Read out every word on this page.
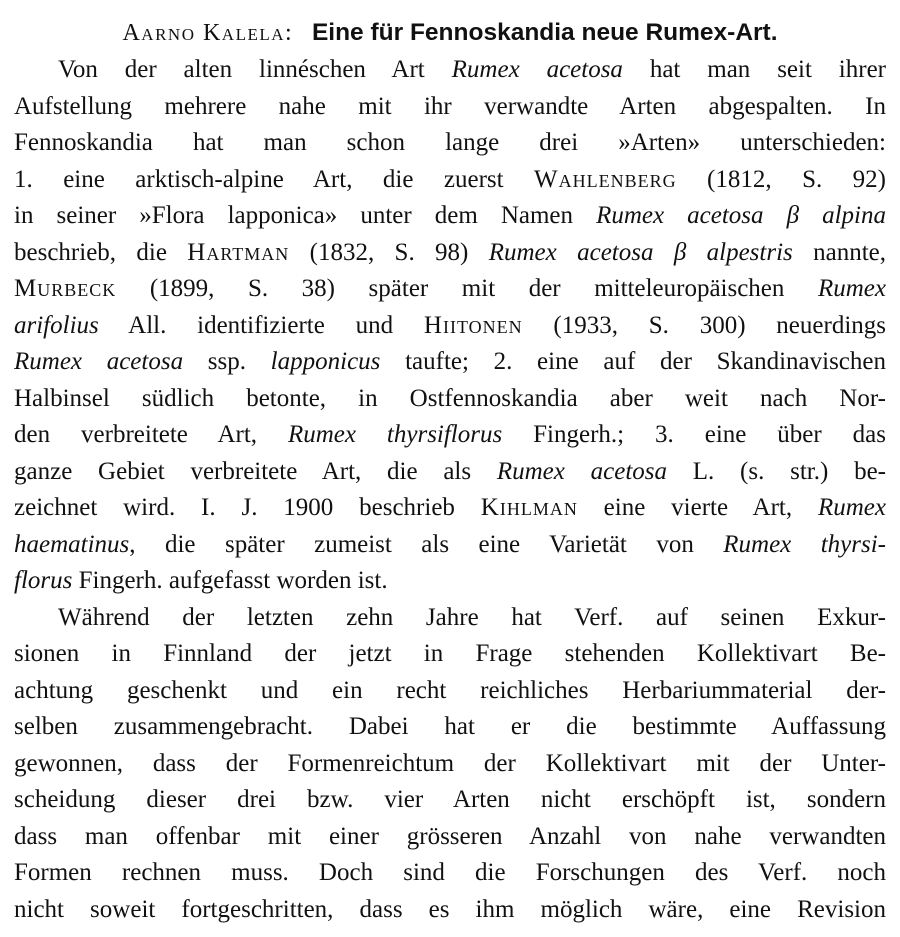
Aarno Kalela: Eine für Fennoskandia neue Rumex-Art.
Von der alten linnéschen Art Rumex acetosa hat man seit ihrer
Aufstellung mehrere nahe mit ihr verwandte Arten abgespalten. In
Fennoskandia hat man schon lange drei »Arten» unterschieden:
1. eine arktisch-alpine Art, die zuerst Wahlenberg (1812, S. 92)
in seiner »Flora lapponica» unter dem Namen Rumex acetosa β alpina
beschrieb, die Hartman (1832, S. 98) Rumex acetosa β alpestris nannte,
Murbeck (1899, S. 38) später mit der mitteleuropäischen Rumex
arifolius All. identifizierte und Hiitonen (1933, S. 300) neuerdings
Rumex acetosa ssp. lapponicus taufte; 2. eine auf der Skandinavischen
Halbinsel südlich betonte, in Ostfennoskandia aber weit nach Nor-
den verbreitete Art, Rumex thyrsiflorus Fingerh.; 3. eine über das
ganze Gebiet verbreitete Art, die als Rumex acetosa L. (s. str.) be-
zeichnet wird. I. J. 1900 beschrieb Kihlman eine vierte Art, Rumex
haematinus, die später zumeist als eine Varietät von Rumex thyrsi-
florus Fingerh. aufgefasst worden ist.
Während der letzten zehn Jahre hat Verf. auf seinen Exkur-
sionen in Finnland der jetzt in Frage stehenden Kollektivart Be-
achtung geschenkt und ein recht reichliches Herbariummaterial der-
selben zusammengebracht. Dabei hat er die bestimmte Auffassung
gewonnen, dass der Formenreichtum der Kollektivart mit der Unter-
scheidung dieser drei bzw. vier Arten nicht erschöpft ist, sondern
dass man offenbar mit einer grösseren Anzahl von nahe verwandten
Formen rechnen muss. Doch sind die Forschungen des Verf. noch
nicht soweit fortgeschritten, dass es ihm möglich wäre, eine Revision
